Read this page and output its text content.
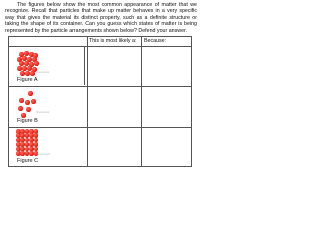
The figures below show the most common appearance of matter that we recognize. Recall that particles that make up matter behaves in a very specific way that gives the material its distinct property, such as a definite structure or taking the shape of its container. Can you guess which states of matter is being represented by the particle arrangements shown below? Defend your answer.
This is most likely a: Because:
Shutterstock
Figure A
Shutterstock
Figure B
Shutterstock
Figure C
